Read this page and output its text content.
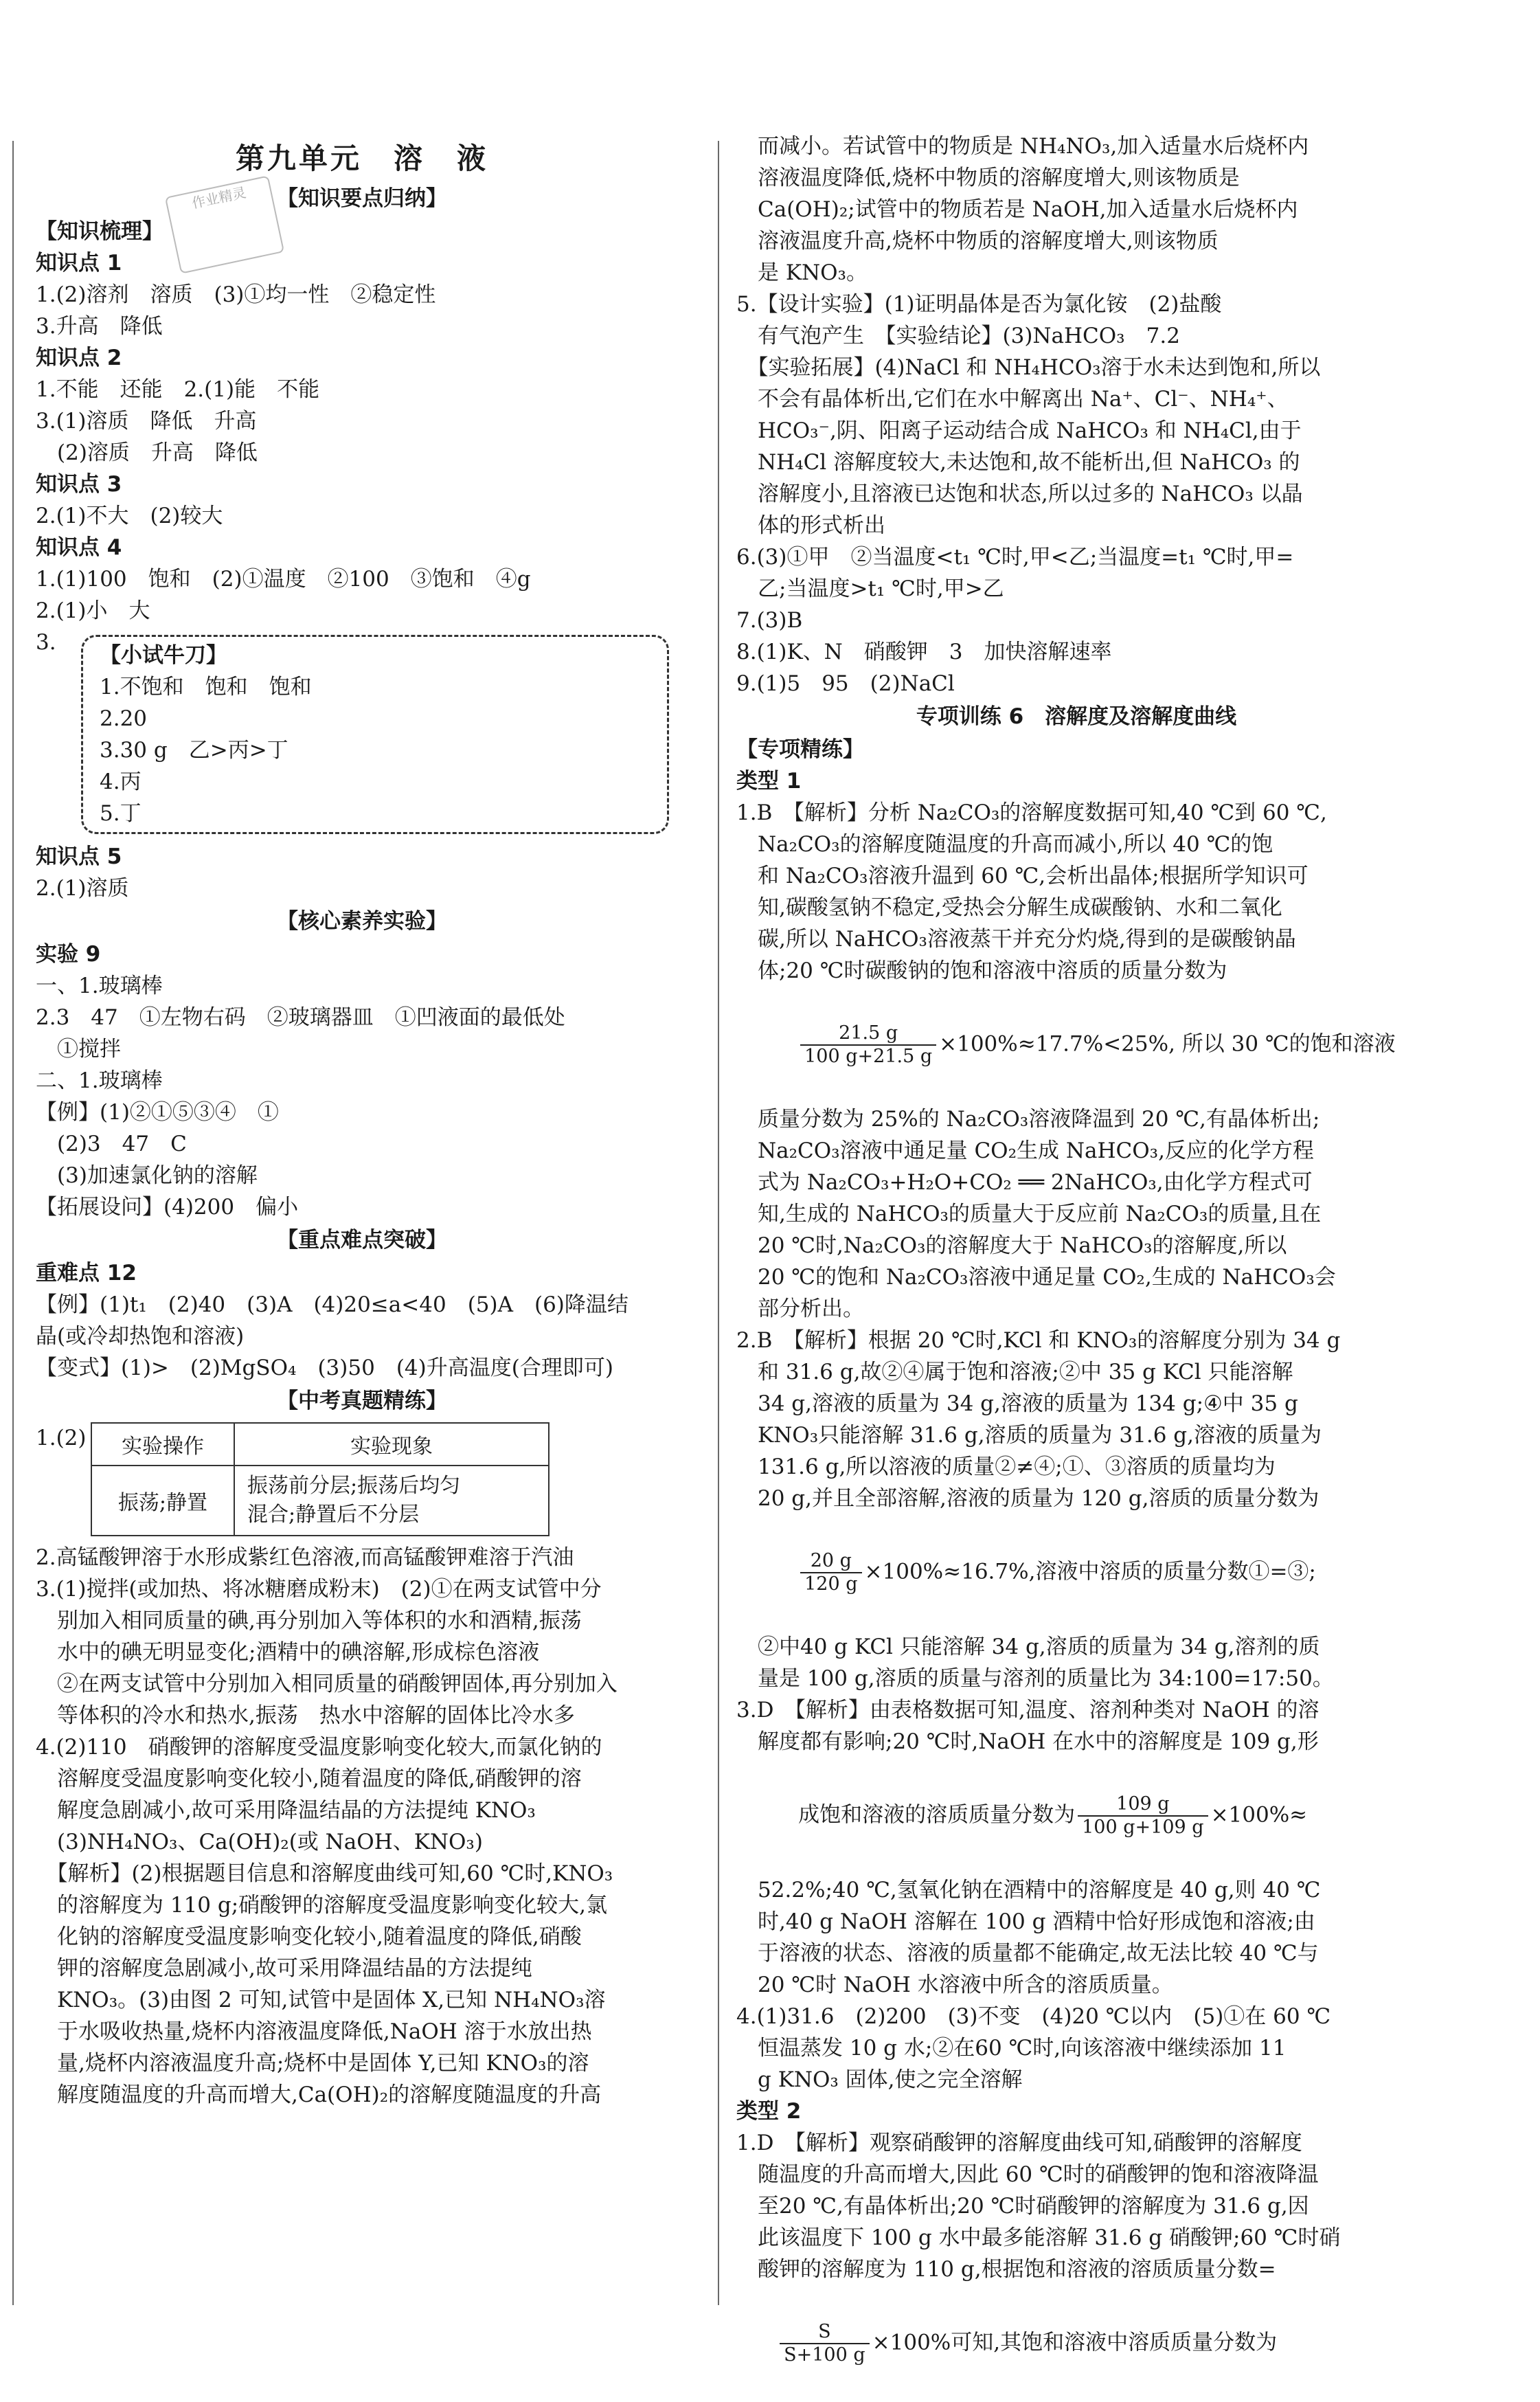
作业精灵
第九单元　溶　液
【知识要点归纳】

【知识梳理】

知识点 1

1.(2)溶剂　溶质　(3)①均一性　②稳定性

3.升高　降低

知识点 2

1.不能　还能　2.(1)能　不能

3.(1)溶质　降低　升高

　(2)溶质　升高　降低

知识点 3

2.(1)不大　(2)较大

知识点 4

1.(1)100　饱和　(2)①温度　②100　③饱和　④g

2.(1)小　大

3.

【小试牛刀】

1.不饱和　饱和　饱和

2.20

3.30 g　乙>丙>丁

4.丙

5.丁

知识点 5

2.(1)溶质

【核心素养实验】

实验 9

一、1.玻璃棒

2.3　47　①左物右码　②玻璃器皿　①凹液面的最低处

　①搅拌

二、1.玻璃棒

【例】(1)②①⑤③④　①

　(2)3　47　C

　(3)加速氯化钠的溶解

【拓展设问】(4)200　偏小

【重点难点突破】

重难点 12

【例】(1)t₁　(2)40　(3)A　(4)20≤a<40　(5)A　(6)降温结

晶(或冷却热饱和溶液)

【变式】(1)>　(2)MgSO₄　(3)50　(4)升高温度(合理即可)

【中考真题精练】
1.(2) 实验操作	实验现象
振荡;静置	振荡前分层;振荡后均匀
混合;静置后不分层

2.高锰酸钾溶于水形成紫红色溶液,而高锰酸钾难溶于汽油

3.(1)搅拌(或加热、将冰糖磨成粉末)　(2)①在两支试管中分

　别加入相同质量的碘,再分别加入等体积的水和酒精,振荡

　水中的碘无明显变化;酒精中的碘溶解,形成棕色溶液

　②在两支试管中分别加入相同质量的硝酸钾固体,再分别加入

　等体积的冷水和热水,振荡　热水中溶解的固体比冷水多

4.(2)110　硝酸钾的溶解度受温度影响变化较大,而氯化钠的

　溶解度受温度影响变化较小,随着温度的降低,硝酸钾的溶

　解度急剧减小,故可采用降温结晶的方法提纯 KNO₃

　(3)NH₄NO₃、Ca(OH)₂(或 NaOH、KNO₃)

　【解析】(2)根据题目信息和溶解度曲线可知,60 ℃时,KNO₃

　的溶解度为 110 g;硝酸钾的溶解度受温度影响变化较大,氯

　化钠的溶解度受温度影响变化较小,随着温度的降低,硝酸

　钾的溶解度急剧减小,故可采用降温结晶的方法提纯

　KNO₃。(3)由图 2 可知,试管中是固体 X,已知 NH₄NO₃溶

　于水吸收热量,烧杯内溶液温度降低,NaOH 溶于水放出热

　量,烧杯内溶液温度升高;烧杯中是固体 Y,已知 KNO₃的溶

　解度随温度的升高而增大,Ca(OH)₂的溶解度随温度的升高

　而减小。若试管中的物质是 NH₄NO₃,加入适量水后烧杯内

　溶液温度降低,烧杯中物质的溶解度增大,则该物质是

　Ca(OH)₂;试管中的物质若是 NaOH,加入适量水后烧杯内

　溶液温度升高,烧杯中物质的溶解度增大,则该物质

　是 KNO₃。

5.【设计实验】(1)证明晶体是否为氯化铵　(2)盐酸

　有气泡产生　【实验结论】(3)NaHCO₃　7.2

　【实验拓展】(4)NaCl 和 NH₄HCO₃溶于水未达到饱和,所以

　不会有晶体析出,它们在水中解离出 Na⁺、Cl⁻、NH₄⁺、

　HCO₃⁻,阴、阳离子运动结合成 NaHCO₃ 和 NH₄Cl,由于

　NH₄Cl 溶解度较大,未达饱和,故不能析出,但 NaHCO₃ 的

　溶解度小,且溶液已达饱和状态,所以过多的 NaHCO₃ 以晶

　体的形式析出

6.(3)①甲　②当温度<t₁ ℃时,甲<乙;当温度=t₁ ℃时,甲=

　乙;当温度>t₁ ℃时,甲>乙

7.(3)B

8.(1)K、N　硝酸钾　3　加快溶解速率

9.(1)5　95　(2)NaCl

专项训练 6　溶解度及溶解度曲线

【专项精练】

类型 1

1.B　【解析】分析 Na₂CO₃的溶解度数据可知,40 ℃到 60 ℃,

　Na₂CO₃的溶解度随温度的升高而减小,所以 40 ℃的饱

　和 Na₂CO₃溶液升温到 60 ℃,会析出晶体;根据所学知识可

　知,碳酸氢钠不稳定,受热会分解生成碳酸钠、水和二氧化

　碳,所以 NaHCO₃溶液蒸干并充分灼烧,得到的是碳酸钠晶

　体;20 ℃时碳酸钠的饱和溶液中溶质的质量分数为

$\frac{21.5 g}{100 g+21.5 g} \times 100\%\approx 17.7\%<25\%$, 所以 30 ℃的饱和溶液

　质量分数为 25%的 Na₂CO₃溶液降温到 20 ℃,有晶体析出;

　Na₂CO₃溶液中通足量 CO₂生成 NaHCO₃,反应的化学方程

　式为 Na₂CO₃+H₂O+CO₂ ══ 2NaHCO₃,由化学方程式可

　知,生成的 NaHCO₃的质量大于反应前 Na₂CO₃的质量,且在

　20 ℃时,Na₂CO₃的溶解度大于 NaHCO₃的溶解度,所以

　20 ℃的饱和 Na₂CO₃溶液中通足量 CO₂,生成的 NaHCO₃会

　部分析出。

2.B　【解析】根据 20 ℃时,KCl 和 KNO₃的溶解度分别为 34 g

　和 31.6 g,故②④属于饱和溶液;②中 35 g KCl 只能溶解

　34 g,溶液的质量为 34 g,溶液的质量为 134 g;④中 35 g

　KNO₃只能溶解 31.6 g,溶质的质量为 31.6 g,溶液的质量为

　131.6 g,所以溶液的质量②≠④;①、③溶质的质量均为

　20 g,并且全部溶解,溶液的质量为 120 g,溶质的质量分数为

$\frac{20 g}{120 g} \times 100\%\approx 16.7\%$,溶液中溶质的质量分数①=③;

　②中40 g KCl 只能溶解 34 g,溶质的质量为 34 g,溶剂的质

　量是 100 g,溶质的质量与溶剂的质量比为 34:100=17:50。

3.D　【解析】由表格数据可知,温度、溶剂种类对 NaOH 的溶

　解度都有影响;20 ℃时,NaOH 在水中的溶解度是 109 g,形

　成饱和溶液的溶质质量分数为 $\frac{109 g}{100 g+109 g} \times 100\%\approx$

　52.2%;40 ℃,氢氧化钠在酒精中的溶解度是 40 g,则 40 ℃

　时,40 g NaOH 溶解在 100 g 酒精中恰好形成饱和溶液;由

　于溶液的状态、溶液的质量都不能确定,故无法比较 40 ℃与

　20 ℃时 NaOH 水溶液中所含的溶质质量。

4.(1)31.6　(2)200　(3)不变　(4)20 ℃以内　(5)①在 60 ℃

　恒温蒸发 10 g 水;②在60 ℃时,向该溶液中继续添加 11

　g KNO₃ 固体,使之完全溶解

类型 2

1.D　【解析】观察硝酸钾的溶解度曲线可知,硝酸钾的溶解度

　随温度的升高而增大,因此 60 ℃时的硝酸钾的饱和溶液降温

　至20 ℃,有晶体析出;20 ℃时硝酸钾的溶解度为 31.6 g,因

　此该温度下 100 g 水中最多能溶解 31.6 g 硝酸钾;60 ℃时硝

　酸钾的溶解度为 110 g,根据饱和溶液的溶质质量分数=

$\frac{S}{S+100 g} \times 100\%$可知,其饱和溶液中溶质质量分数为
